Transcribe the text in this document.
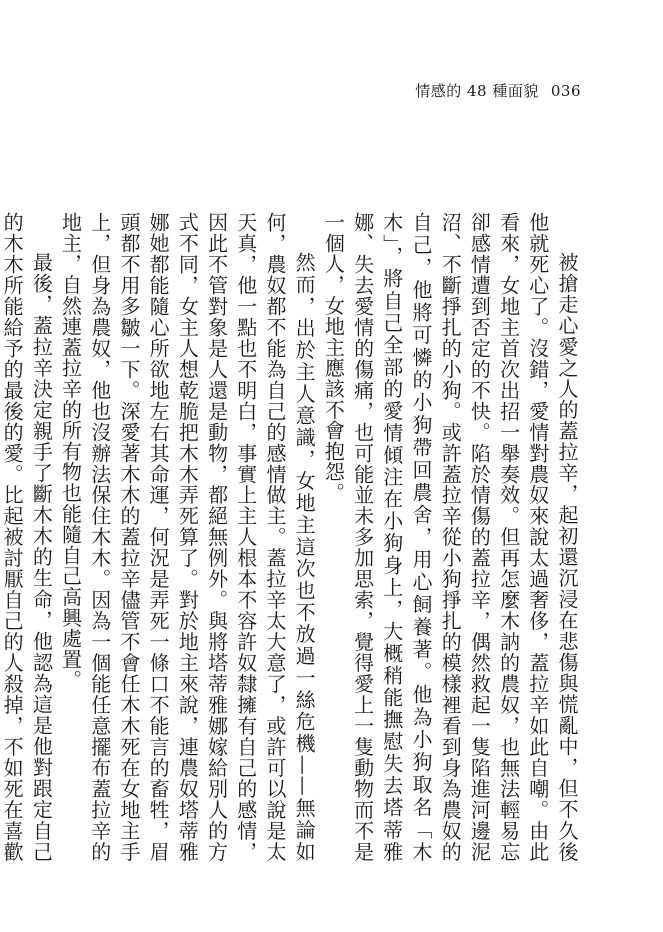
情感的 48 種面貌 036

被搶走心愛之人的蓋拉辛，起初還沉浸在悲傷與慌亂中，但不久後他就死心了。沒錯，愛情對農奴來說太過奢侈，蓋拉辛如此自嘲。由此看來，女地主首次出招一舉奏效。但再怎麼木訥的農奴，也無法輕易忘卻感情遭到否定的不快。陷於情傷的蓋拉辛，偶然救起一隻陷進河邊泥沼、不斷掙扎的小狗。或許蓋拉辛從小狗掙扎的模樣裡看到身為農奴的自己，他將可憐的小狗帶回農舍，用心飼養著。他為小狗取名「木木」，將自己全部的愛情傾注在小狗身上，大概稍能撫慰失去塔蒂雅娜、失去愛情的傷痛，也可能並未多加思索，覺得愛上一隻動物而不是一個人，女地主應該不會抱怨。

然而，出於主人意識，女地主這次也不放過一絲危機——無論如何，農奴都不能為自己的感情做主。蓋拉辛太大意了，或許可以說是太天真，他一點也不明白，事實上主人根本不容許奴隸擁有自己的感情，因此不管對象是人還是動物，都絕無例外。與將塔蒂雅娜嫁給別人的方式不同，女主人想乾脆把木木弄死算了。對於地主來說，連農奴塔蒂雅娜她都能隨心所欲地左右其命運，何況是弄死一條口不能言的畜牲，眉頭都不用多皺一下。深愛著木木的蓋拉辛儘管不會任木木死在女地主手上，但身為農奴，他也沒辦法保住木木。因為一個能任意擺布蓋拉辛的地主，自然連蓋拉辛的所有物也能隨自己高興處置。

最後，蓋拉辛決定親手了斷木木的生命，他認為這是他對跟定自己的木木所能給予的最後的愛。比起被討厭自己的人殺掉，不如死在喜歡
